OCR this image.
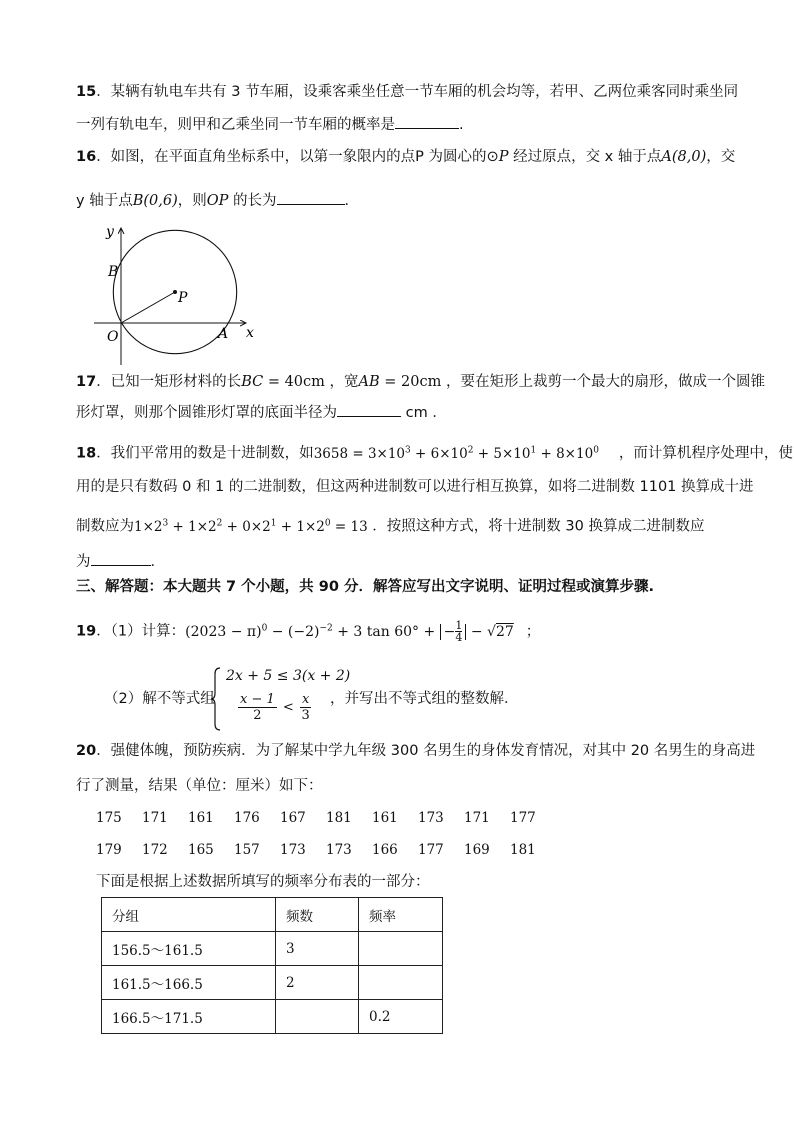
15．某辆有轨电车共有 3 节车厢，设乘客乘坐任意一节车厢的机会均等，若甲、乙两位乘客同时乘坐同
一列有轨电车，则甲和乙乘坐同一节车厢的概率是	.
16．如图，在平面直角坐标系中，以第一象限内的点P 为圆心的⊙P 经过原点，交 x 轴于点A(8,0)，交
y 轴于点B(0,6)，则OP 的长为	．
y
x
B
P
O	A
17．已知一矩形材料的长BC = 40cm ，宽AB = 20cm ，要在矩形上裁剪一个最大的扇形，做成一个圆锥
形灯罩，则那个圆锥形灯罩的底面半径为	cm ．
18．我们平常用的数是十进制数，如$3658 = 3\times 10^3 + 6\times 10^2 + 5\times 10^1 + 8\times 10^0$ ，而计算机程序处理中，使
用的是只有数码 0 和 1 的二进制数，但这两种进制数可以进行相互换算，如将二进制数 1101 换算成十进
制数应为$1\times 2^3 + 1\times 2^2 + 0\times 2^1 + 1\times 2^0 = 13$ ．按照这种方式，将十进制数 30 换算成二进制数应
为	．
三、解答题：本大题共 7 个小题，共 90 分．解答应写出文字说明、证明过程或演算步骤.
19．（1）计算：$(2023 - \pi)^0 - (-2)^{-2} + 3$ tan 60° + − $\frac{1}{4} - √27$ ；
（2）解不等式组
2x + 5 ≤ 3(x + 2)
$\frac{x - 1}{2} < \frac{x}{3}$ ，并写出不等式组的整数解．
20．强健体魄，预防疾病．为了解某中学九年级 300 名男生的身体发育情况，对其中 20 名男生的身高进
行了测量，结果（单位：厘米）如下：
175 171 161 176 167 181 161 173 171 177
179 172 165 157 173 173 166 177 169 181
下面是根据上述数据所填写的频率分布表的一部分：
分组	频数	频率
156.5～161.5	3	
161.5～166.5	2	
166.5～171.5		0.2
